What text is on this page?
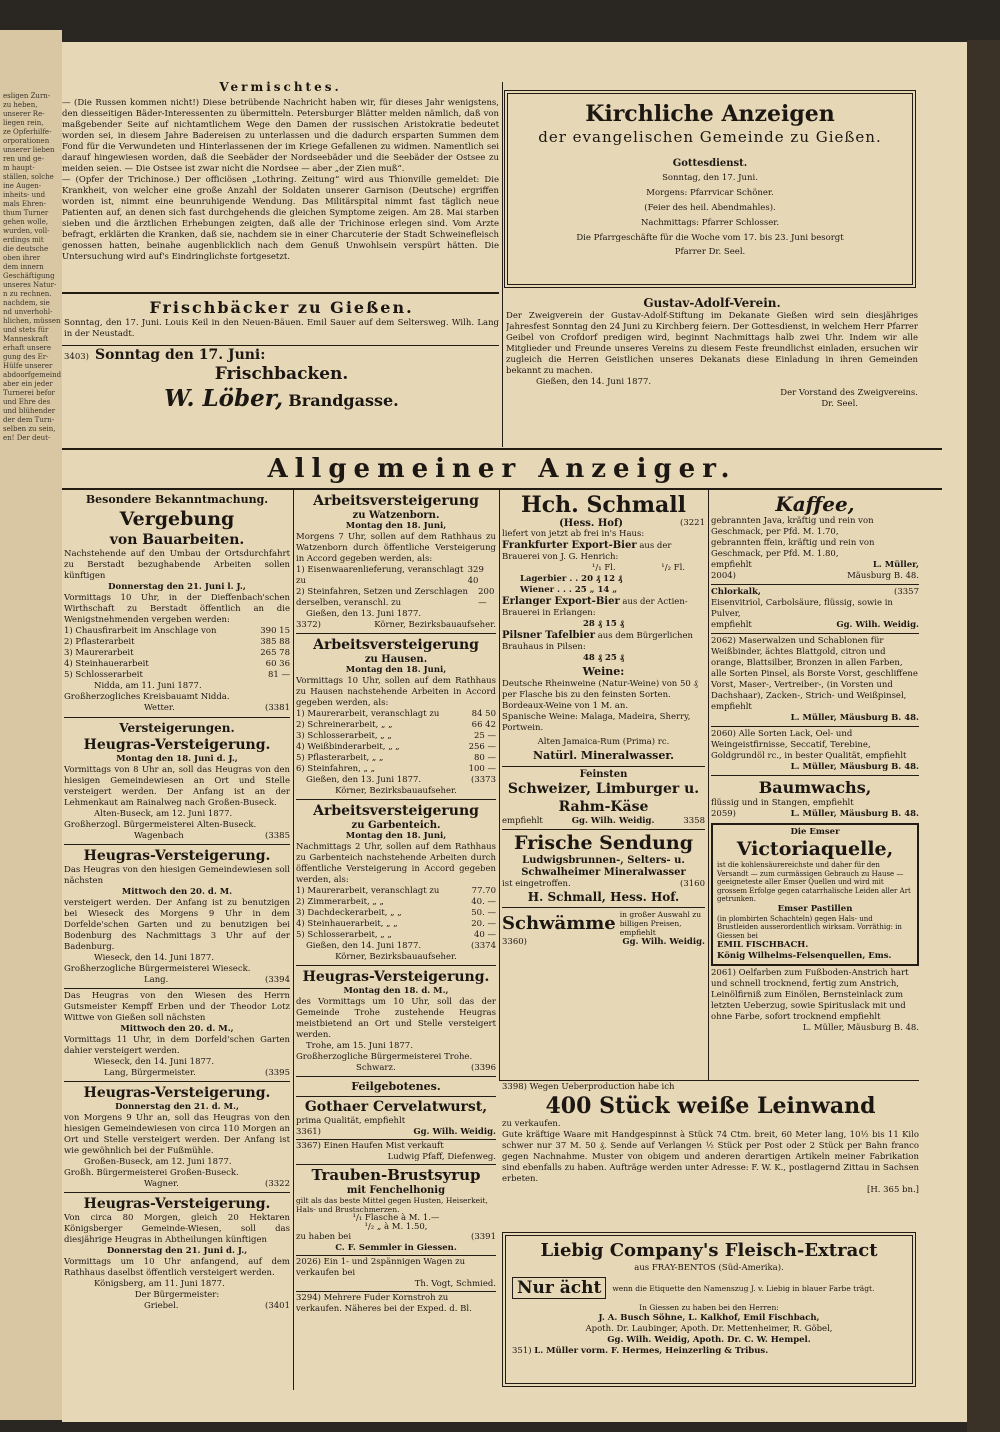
esligen Zurn-
zu heben,
unserer Re-
liegen rein,
ze Opferhilfe-
orporationen
unserer lieben
ren und ge-
m haupt-
ställen, solche
ine Augen-
inheits- und
mals Ehren-
thum Turner
gehen wolle,
wurden, voll-
erdings mit
die deutsche
oben ihrer
dem innern
Geschäftigung
unseres Natur-
n zu rechnen.
nachdem, sie
nd unverhohl-
hlichen, müssen
und stets für
Manneskraft
erhaft unsere
gung des Er-
Hülfe unserer
abdoorfgemeind
aber ein jeder
Turnerei befor
und Ehre des
und blühender
der dem Turn-
selben zu sein,
en! Der deut-
Vermischtes.

— (Die Russen kommen nicht!) Diese betrübende Nachricht haben wir, für dieses Jahr wenigstens, den diesseitigen Bäder-Interessenten zu übermitteln. Petersburger Blätter melden nämlich, daß von maßgebender Seite auf nichtamtlichem Wege den Damen der russischen Aristokratie bedeutet worden sei, in diesem Jahre Badereisen zu unterlassen und die dadurch ersparten Summen dem Fond für die Verwundeten und Hinterlassenen der im Kriege Gefallenen zu widmen. Namentlich sei darauf hingewiesen worden, daß die Seebäder der Nordseebäder und die Seebäder der Ostsee zu meiden seien. — Die Ostsee ist zwar nicht die Nordsee — aber „der Zien muß“.

— (Opfer der Trichinose.) Der officiösen „Lothring. Zeitung“ wird aus Thionville gemeldet: Die Krankheit, von welcher eine große Anzahl der Soldaten unserer Garnison (Deutsche) ergriffen worden ist, nimmt eine beunruhigende Wendung. Das Militärspital nimmt fast täglich neue Patienten auf, an denen sich fast durchgehends die gleichen Symptome zeigen. Am 28. Mai starben sieben und die ärztlichen Erhebungen zeigten, daß alle der Trichinose erlegen sind. Vom Arzte befragt, erklärten die Kranken, daß sie, nachdem sie in einer Charcuterie der Stadt Schweinefleisch genossen hatten, beinahe augenblicklich nach dem Genuß Unwohlsein verspürt hätten. Die Untersuchung wird auf's Eindringlichste fortgesetzt.

Kirchliche Anzeigen
der evangelischen Gemeinde zu Gießen.
Gottesdienst.
Sonntag, den 17. Juni.
Morgens: Pfarrvicar Schöner.
(Feier des heil. Abendmahles).
Nachmittags: Pfarrer Schlosser.
Die Pfarrgeschäfte für die Woche vom 17. bis 23. Juni besorgt
Pfarrer Dr. Seel.
Frischbäcker zu Gießen.

Sonntag, den 17. Juni. Louis Keil in den Neuen-Bäuen. Emil Sauer auf dem Seltersweg. Wilh. Lang in der Neustadt.

3403) Sonntag den 17. Juni:
Frischbacken.
W. Löber, Brandgasse.
Gustav-Adolf-Verein.

Der Zweigverein der Gustav-Adolf-Stiftung im Dekanate Gießen wird sein diesjähriges Jahresfest Sonntag den 24 Juni zu Kirchberg feiern. Der Gottesdienst, in welchem Herr Pfarrer Geibel von Crofdorf predigen wird, beginnt Nachmittags halb zwei Uhr. Indem wir alle Mitglieder und Freunde unseres Vereins zu diesem Feste freundlichst einladen, ersuchen wir zugleich die Herren Geistlichen unseres Dekanats diese Einladung in ihren Gemeinden bekannt zu machen.

Gießen, den 14. Juni 1877.
Der Vorstand des Zweigvereins.
Dr. Seel.
Allgemeiner Anzeiger.
Besondere Bekanntmachung.
Vergebung
von Bauarbeiten.

Nachstehende auf den Umbau der Ortsdurchfahrt zu Berstadt bezughabende Arbeiten sollen künftigen

Donnerstag den 21. Juni l. J.,

Vormittags 10 Uhr, in der Dieffenbach'schen Wirthschaft zu Berstadt öffentlich an die Wenigstnehmenden vergeben werden:

1) Chausfirarbeit im Anschlage von	390 15
2) Pflasterarbeit	385 88
3) Maurerarbeit	265 78
4) Steinhauerarbeit	60 36
5) Schlosserarbeit	81 —
Nidda, am 11. Juni 1877.
Großherzogliches Kreisbauamt Nidda.
Wetter.	(3381
Versteigerungen.
Heugras-Versteigerung.
Montag den 18. Juni d. J.,

Vormittags von 8 Uhr an, soll das Heugras von den hiesigen Gemeindewiesen an Ort und Stelle versteigert werden. Der Anfang ist an der Lehmenkaut am Rainalweg nach Großen-Buseck.

Alten-Buseck, am 12. Juni 1877.
Großherzogl. Bürgermeisterei Alten-Buseck.
Wagenbach	(3385
Heugras-Versteigerung.

Das Heugras von den hiesigen Gemeindewiesen soll nächsten

Mittwoch den 20. d. M.

versteigert werden. Der Anfang ist zu benutzigen bei Wieseck des Morgens 9 Uhr in dem Dorfelde'schen Garten und zu benutzigen bei Bodenburg des Nachmittags 3 Uhr auf der Badenburg.

Wieseck, den 14. Juni 1877.
Großherzogliche Bürgermeisterei Wieseck.
Lang.	(3394

Das Heugras von den Wiesen des Herrn Gutsmeister Kempff Erben und der Theodor Lotz Wittwe von Gießen soll nächsten

Mittwoch den 20. d. M.,

Vormittags 11 Uhr, in dem Dorfeld'schen Garten dahier versteigert werden.

Wieseck, den 14. Juni 1877.
Lang, Bürgermeister.	(3395
Heugras-Versteigerung.
Donnerstag den 21. d. M.,

von Morgens 9 Uhr an, soll das Heugras von den hiesigen Gemeindewiesen von circa 110 Morgen an Ort und Stelle versteigert werden. Der Anfang ist wie gewöhnlich bei der Fußmühle.

Großen-Buseck, am 12. Juni 1877.
Großh. Bürgermeisterei Großen-Buseck.
Wagner.	(3322
Heugras-Versteigerung.

Von circa 80 Morgen, gleich 20 Hektaren Königsberger Gemeinde-Wiesen, soll das diesjährige Heugras in Abtheilungen künftigen

Donnerstag den 21. Juni d. J.,

Vormittags um 10 Uhr anfangend, auf dem Rathhaus daselbst öffentlich versteigert werden.

Königsberg, am 11. Juni 1877.
Der Bürgermeister:
Griebel.	(3401
Arbeitsversteigerung
zu Watzenborn.
Montag den 18. Juni,

Morgens 7 Uhr, sollen auf dem Rathhaus zu Watzenborn durch öffentliche Versteigerung in Accord gegeben werden, als:

1) Eisenwaarenlieferung, veranschlagt zu
329 40
2) Steinfahren, Setzen und Zerschlagen derselben, veranschl. zu
200 —
Gießen, den 13. Juni 1877.
3372)	Körner, Bezirksbauaufseher.
Arbeitsversteigerung
zu Hausen.
Montag den 18. Juni,

Vormittags 10 Uhr, sollen auf dem Rathhaus zu Hausen nachstehende Arbeiten in Accord gegeben werden, als:

1) Maurerarbeit, veranschlagt zu	84 50
2) Schreinerarbeit, „ „	66 42
3) Schlosserarbeit, „ „	25 —
4) Weißbinderarbeit, „ „	256 —
5) Pflasterarbeit, „ „	80 —
6) Steinfahren, „ „	100 —
Gießen, den 13. Juni 1877.	(3373
Körner, Bezirksbauaufseher.
Arbeitsversteigerung
zu Garbenteich.
Montag den 18. Juni,

Nachmittags 2 Uhr, sollen auf dem Rathhaus zu Garbenteich nachstehende Arbeiten durch öffentliche Versteigerung in Accord gegeben werden, als:

1) Maurerarbeit, veranschlagt zu	77.70
2) Zimmerarbeit, „ „	40. —
3) Dachdeckerarbeit, „ „	50. —
4) Steinhauerarbeit, „ „	20. —
5) Schlosserarbeit, „ „	40 —
Gießen, den 14. Juni 1877.	(3374
Körner, Bezirksbauaufseher.
Heugras-Versteigerung.
Montag den 18. d. M.,

des Vormittags um 10 Uhr, soll das der Gemeinde Trohe zustehende Heugras meistbietend an Ort und Stelle versteigert werden.

Trohe, am 15. Juni 1877.
Großherzogliche Bürgermeisterei Trohe.
Schwarz.	(3396
Feilgebotenes.
Gothaer Cervelatwurst,
prima Qualität, empfiehlt
3361)	Gg. Wilh. Weidig.
3367) Einen Haufen Mist verkauft
Ludwig Pfaff, Diefenweg.
Trauben-Brustsyrup
mit Fenchelhonig

gilt als das beste Mittel gegen Husten, Heiserkeit, Hals- und Brustschmerzen.

¹/₁ Flasche à M. 1.—
¹/₂ „ à M. 1.50,
zu haben bei	(3391
C. F. Semmler in Giessen.
2026) Ein 1- und 2spännigen Wagen zu verkaufen bei
Th. Vogt, Schmied.
3294) Mehrere Fuder Kornstroh zu verkaufen. Näheres bei der Exped. d. Bl.
Hch. Schmall
(Hess. Hof)	(3221
liefert von jetzt ab frei in's Haus:
Frankfurter Export-Bier aus der Brauerei von J. G. Henrich:
¹/₁ Fl.	¹/₂ Fl.
Lagerbier . . 20 ₰ 12 ₰
Wiener . . . 25 „ 14 „
Erlanger Export-Bier aus der Actien-Brauerei in Erlangen:
28 ₰ 15 ₰
Pilsner Tafelbier aus dem Bürgerlichen Brauhaus in Pilsen:
48 ₰ 25 ₰
Weine:

Deutsche Rheinweine (Natur-Weine) von 50 ₰ per Flasche bis zu den feinsten Sorten.

Bordeaux-Weine von 1 M. an.

Spanische Weine: Malaga, Madeira, Sherry, Portwein.

Alten Jamaica-Rum (Prima) rc.
Natürl. Mineralwasser.
Feinsten
Schweizer, Limburger u. Rahm-Käse
empfiehlt	Gg. Wilh. Weidig.	3358
Frische Sendung
Ludwigsbrunnen-, Selters- u. Schwalheimer Mineralwasser
ist eingetroffen.	(3160
H. Schmall, Hess. Hof.
Schwämme in großer Auswahl zu billigen Preisen, empfiehlt
3360)	Gg. Wilh. Weidig.
Kaffee,

gebrannten Java, kräftig und rein von Geschmack, per Pfd. M. 1.70,

gebrannten ffein, kräftig und rein von Geschmack, per Pfd. M. 1.80,

empfiehlt	L. Müller,
2004)	Mäusburg B. 48.
Chlorkalk,	(3357

Eisenvitriol, Carbolsäure, flüssig, sowie in Pulver,

empfiehlt	Gg. Wilh. Weidig.

2062) Maserwalzen und Schablonen für Weißbinder, ächtes Blattgold, citron und orange, Blattsilber, Bronzen in allen Farben, alle Sorten Pinsel, als Borste Vorst, geschliffene Vorst, Maser-, Vertreiber-, (in Vorsten und Dachshaar), Zacken-, Strich- und Weißpinsel, empfiehlt

L. Müller, Mäusburg B. 48.

2060) Alle Sorten Lack, Oel- und Weingeistfirnisse, Seccatif, Terebine, Goldgrundöl rc., in bester Qualität, empfiehlt

L. Müller, Mäusburg B. 48.
Baumwachs,
flüssig und in Stangen, empfiehlt
2059)	L. Müller, Mäusburg B. 48.
Die Emser
Victoriaquelle,

ist die kohlensäurereichste und daher für den Versandt — zum curmässigen Gebrauch zu Hause — geeigneteste aller Emser Quellen und wird mit grossem Erfolge gegen catarrhalische Leiden aller Art getrunken.

Emser Pastillen

(in plombirten Schachteln) gegen Hals- und Brustleiden ausserordentlich wirksam. Vorräthig: in Giessen bei

EMIL FISCHBACH.
König Wilhelms-Felsenquellen, Ems.

2061) Oelfarben zum Fußboden-Anstrich hart und schnell trocknend, fertig zum Anstrich, Leinölfirniß zum Einölen, Bernsteinlack zum letzten Ueberzug, sowie Spirituslack mit und ohne Farbe, sofort trocknend empfiehlt

L. Müller, Mäusburg B. 48.
3398) Wegen Ueberproduction habe ich
400 Stück weiße Leinwand
zu verkaufen.

Gute kräftige Waare mit Handgespinnst à Stück 74 Ctm. breit, 60 Meter lang, 10½ bis 11 Kilo schwer nur 37 M. 50 ₰. Sende auf Verlangen ½ Stück per Post oder 2 Stück per Bahn franco gegen Nachnahme. Muster von obigem und anderen derartigen Artikeln meiner Fabrikation sind ebenfalls zu haben. Aufträge werden unter Adresse: F. W. K., postlagernd Zittau in Sachsen erbeten.

[H. 365 bn.]
Liebig Company's Fleisch-Extract
aus FRAY-BENTOS (Süd-Amerika).
Nur ächt	wenn die Etiquette den Namenszug J. v. Liebig in blauer Farbe trägt.
In Giessen zu haben bei den Herren:
J. A. Busch Söhne, L. Kalkhof, Emil Fischbach,
Apoth. Dr. Laubinger, Apoth. Dr. Mettenheimer, R. Göbel,
Gg. Wilh. Weidig, Apoth. Dr. C. W. Hempel.
351) L. Müller vorm. F. Hermes, Heinzerling & Tribus.
